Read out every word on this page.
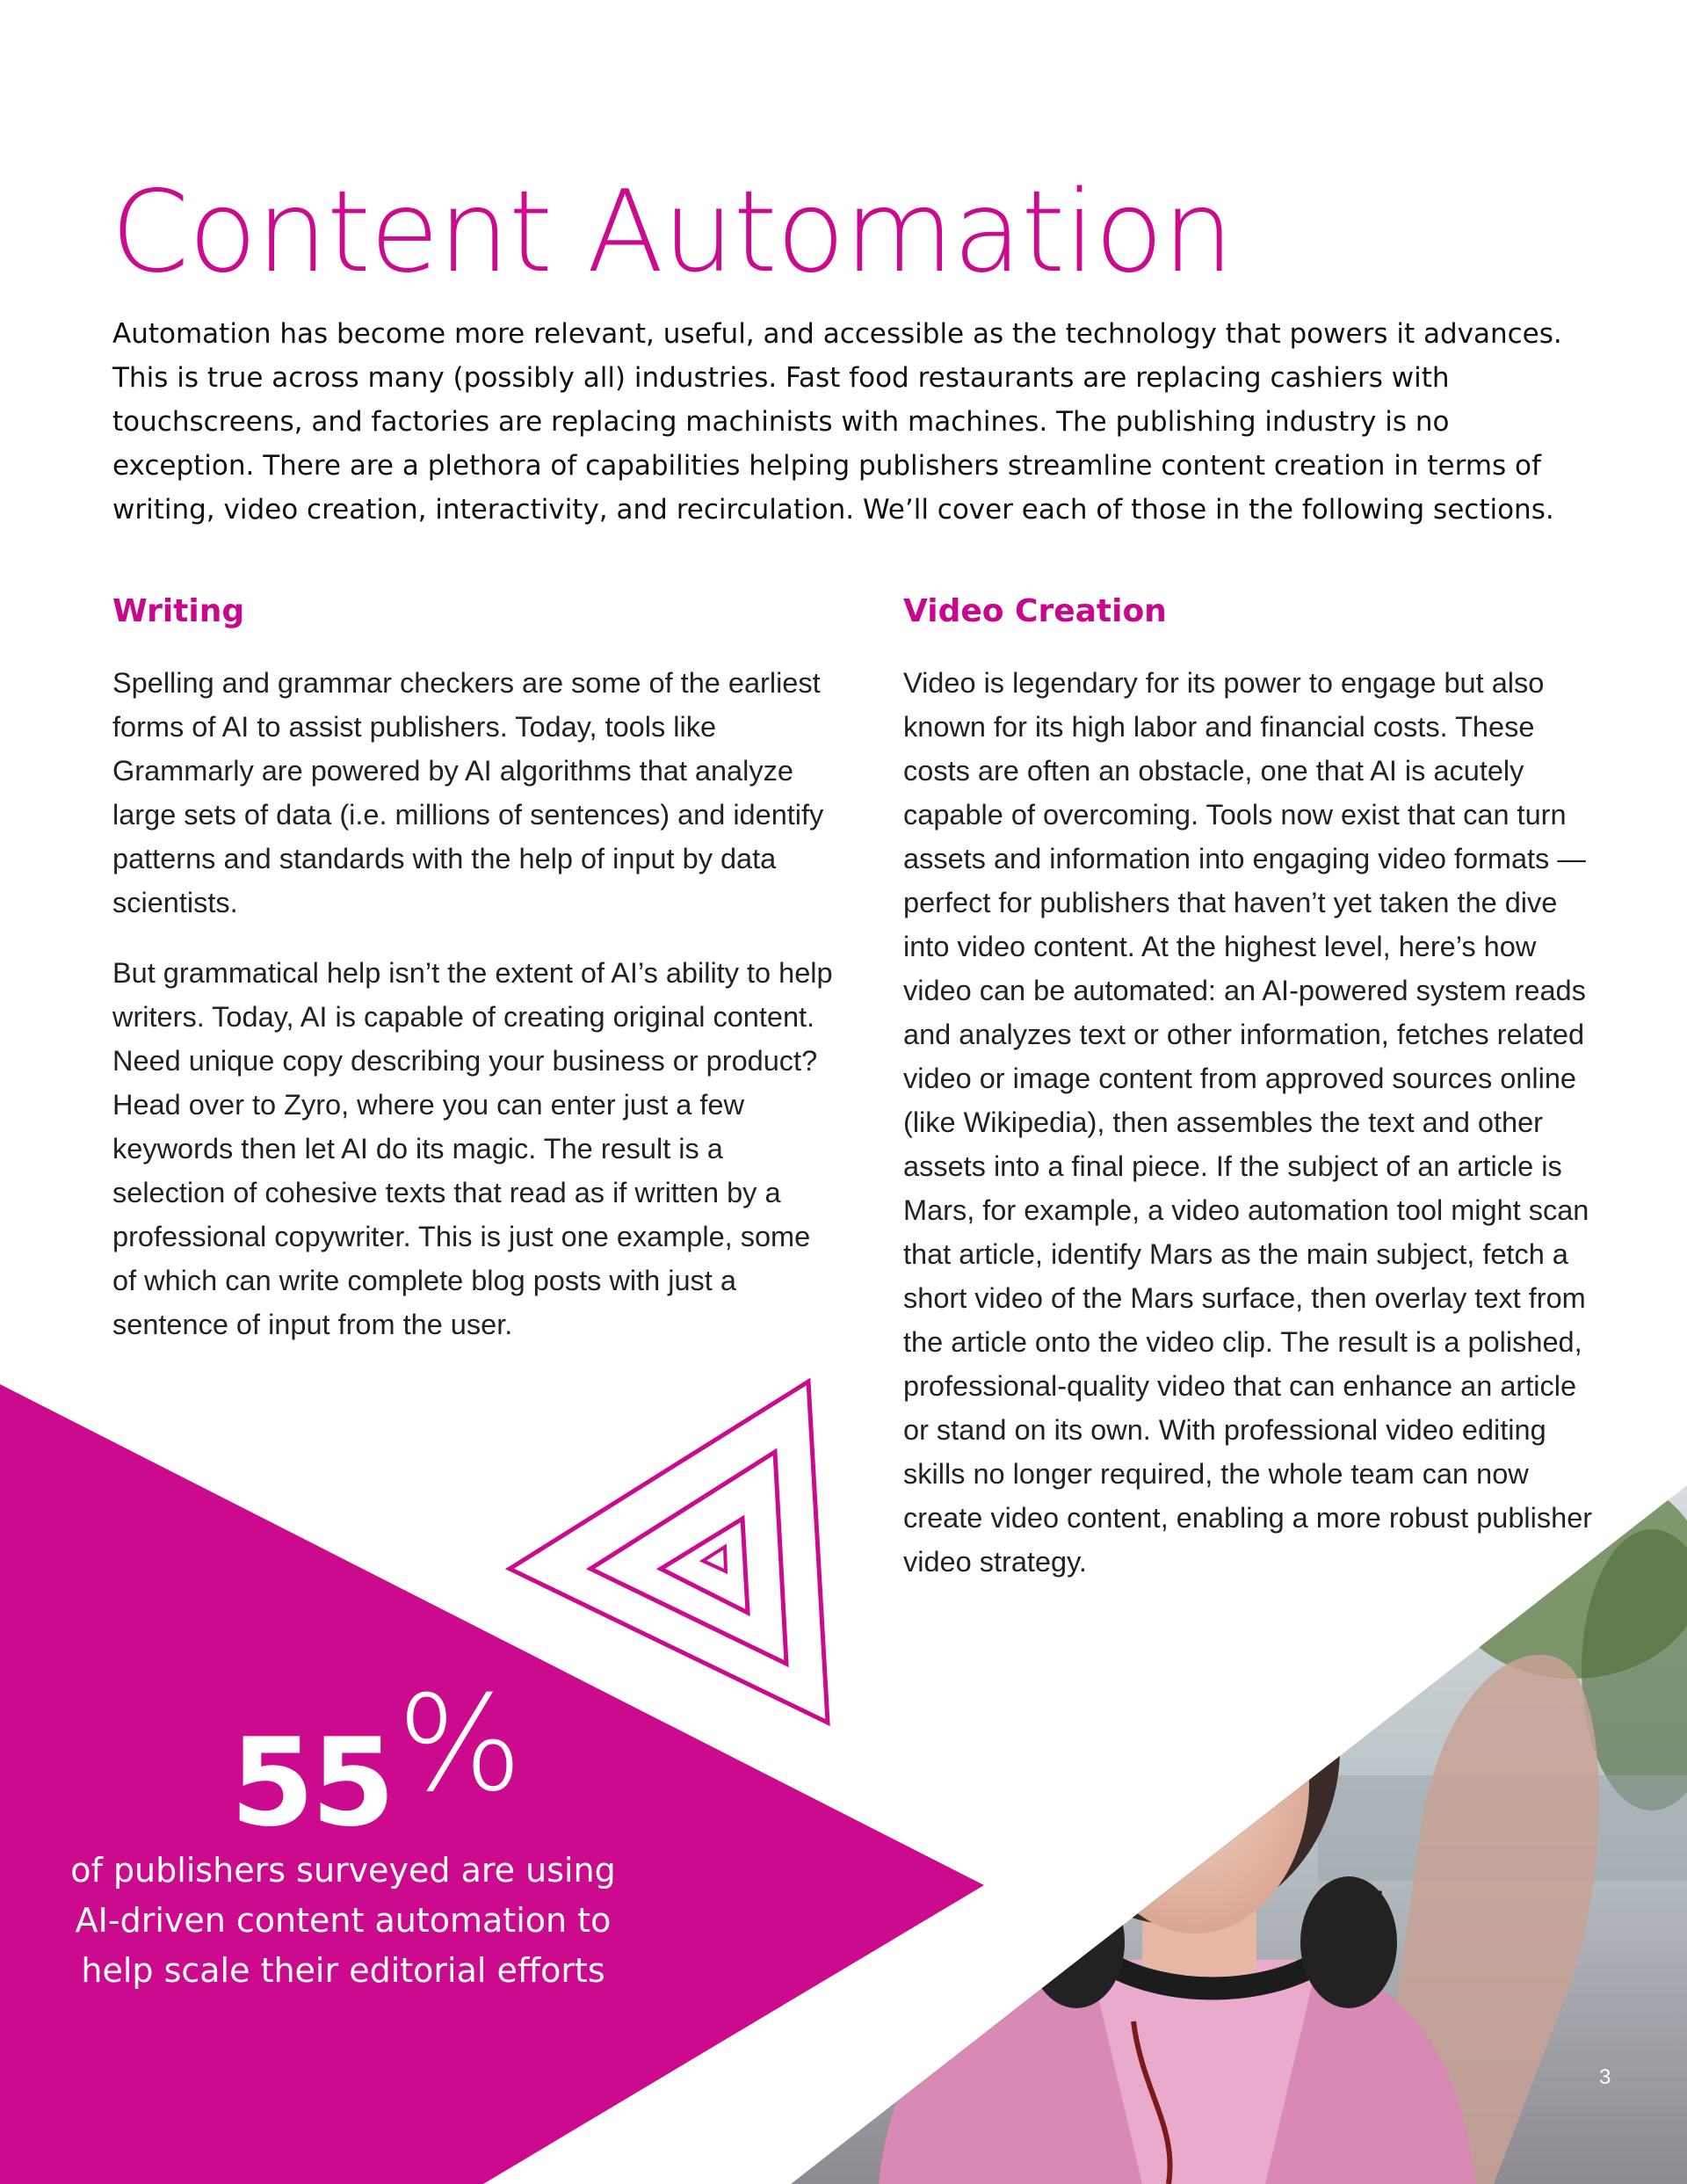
Content Automation

Automation has become more relevant, useful, and accessible as the technology that powers it advances. This is true across many (possibly all) industries. Fast food restaurants are replacing cashiers with touchscreens, and factories are replacing machinists with machines. The publishing industry is no exception. There are a plethora of capabilities helping publishers streamline content creation in terms of writing, video creation, interactivity, and recirculation. We’ll cover each of those in the following sections.

Writing

Spelling and grammar checkers are some of the earliest forms of AI to assist publishers. Today, tools like Grammarly are powered by AI algorithms that analyze large sets of data (i.e. millions of sentences) and identify patterns and standards with the help of input by data scientists.

But grammatical help isn’t the extent of AI’s ability to help writers. Today, AI is capable of creating original content. Need unique copy describing your business or product? Head over to Zyro, where you can enter just a few keywords then let AI do its magic. The result is a selection of cohesive texts that read as if written by a professional copywriter. This is just one example, some of which can write complete blog posts with just a sentence of input from the user.

Video Creation

Video is legendary for its power to engage but also known for its high labor and financial costs. These costs are often an obstacle, one that AI is acutely capable of overcoming. Tools now exist that can turn assets and information into engaging video formats — perfect for publishers that haven’t yet taken the dive into video content. At the highest level, here’s how video can be automated: an AI-powered system reads and analyzes text or other information, fetches related video or image content from approved sources online (like Wikipedia), then assembles the text and other assets into a final piece. If the subject of an article is Mars, for example, a video automation tool might scan that article, identify Mars as the main subject, fetch a short video of the Mars surface, then overlay text from the article onto the video clip. The result is a polished, professional-quality video that can enhance an article or stand on its own. With professional video editing skills no longer required, the whole team can now create video content, enabling a more robust publisher video strategy.

55%

of publishers surveyed are using AI-driven content automation to help scale their editorial efforts

3
